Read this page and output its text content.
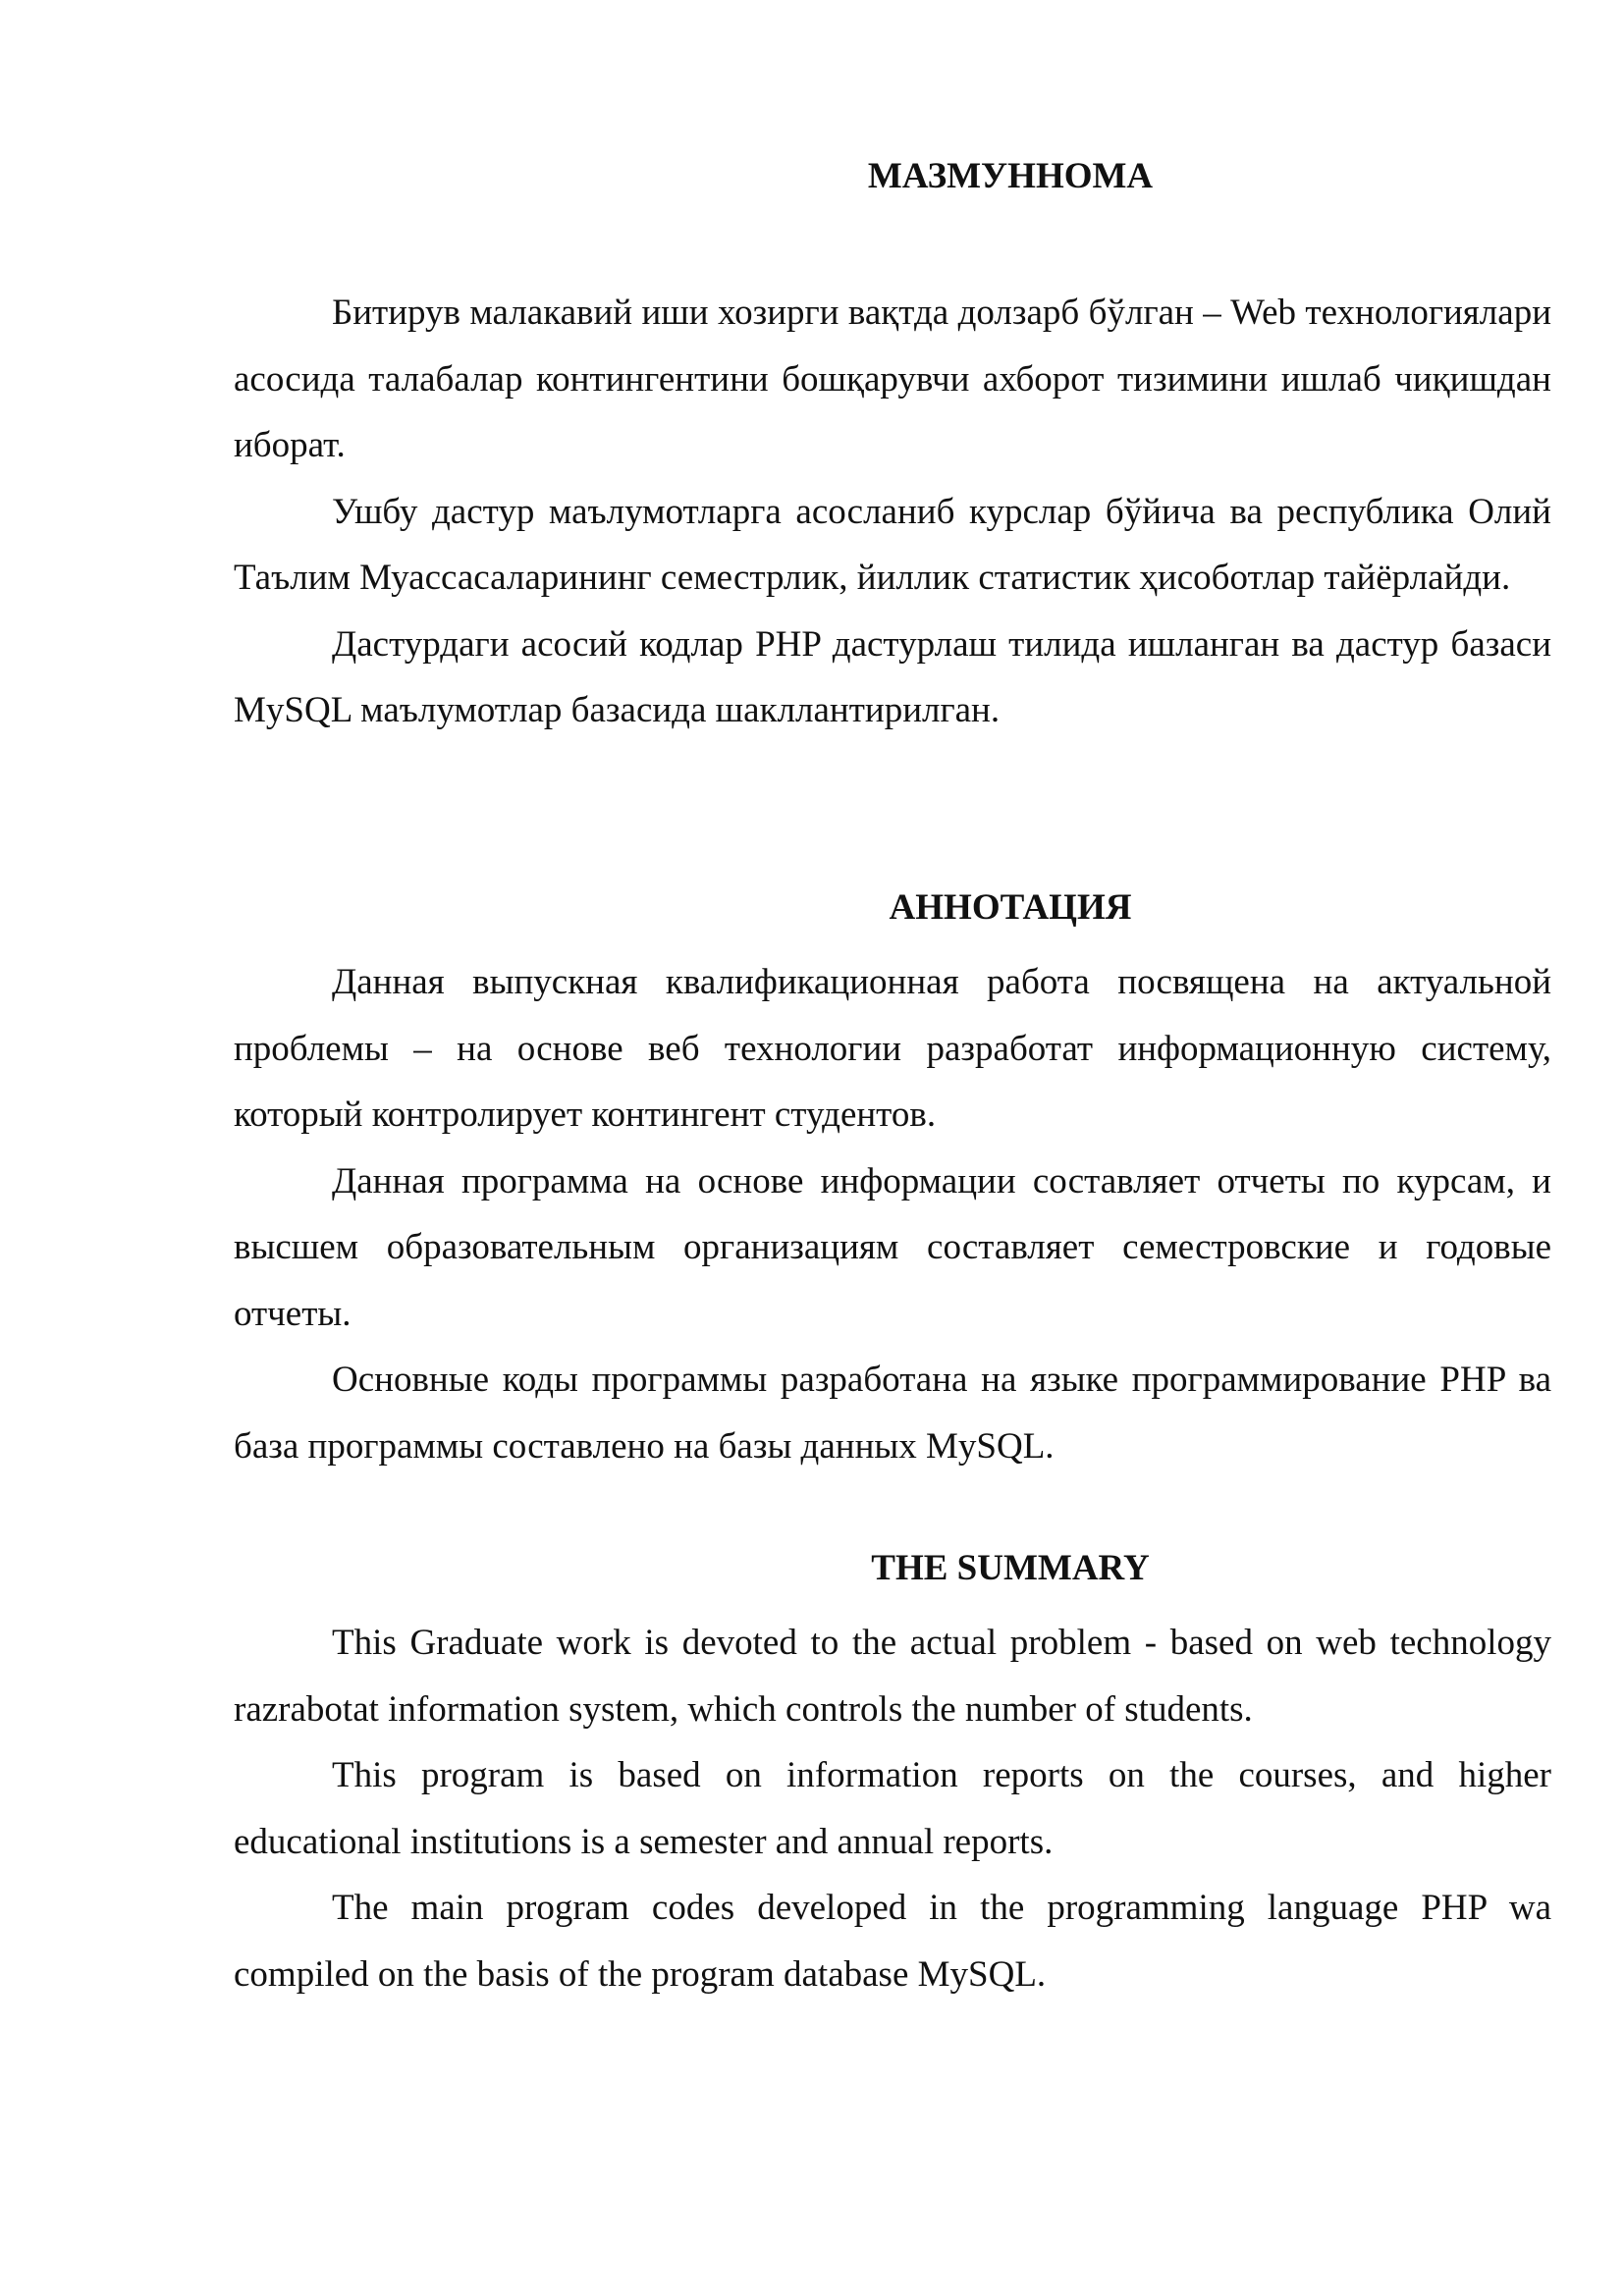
МАЗМУННОМА

Битирув малакавий иши хозирги вақтда долзарб бўлган – Web технологиялари асосида талабалар контингентини бошқарувчи ахборот тизимини ишлаб чиқишдан иборат.

Ушбу дастур маълумотларга асосланиб курслар бўйича ва республика Олий Таълим Муассасаларининг семестрлик, йиллик статистик ҳисоботлар тайёрлайди.

Дастурдаги асосий кодлар PHP дастурлаш тилида ишланган ва дастур базаси MySQL маълумотлар базасида шакллантирилган.

АННОТАЦИЯ

Данная выпускная квалификационная работа посвящена на актуальной проблемы – на основе веб технологии разработат информационную систему, который контролирует контингент студентов.

Данная программа на основе информации составляет отчеты по курсам, и высшем образовательным организациям составляет семестровские и годовые отчеты.

Основные коды программы разработана на языке программирование PHP ва база программы составлено на базы данных MySQL.

THE SUMMARY

This Graduate work is devoted to the actual problem - based on web technology razrabotat information system, which controls the number of students.

This program is based on information reports on the courses, and higher educational institutions is a semester and annual reports.

The main program codes developed in the programming language PHP wa compiled on the basis of the program database MySQL.
